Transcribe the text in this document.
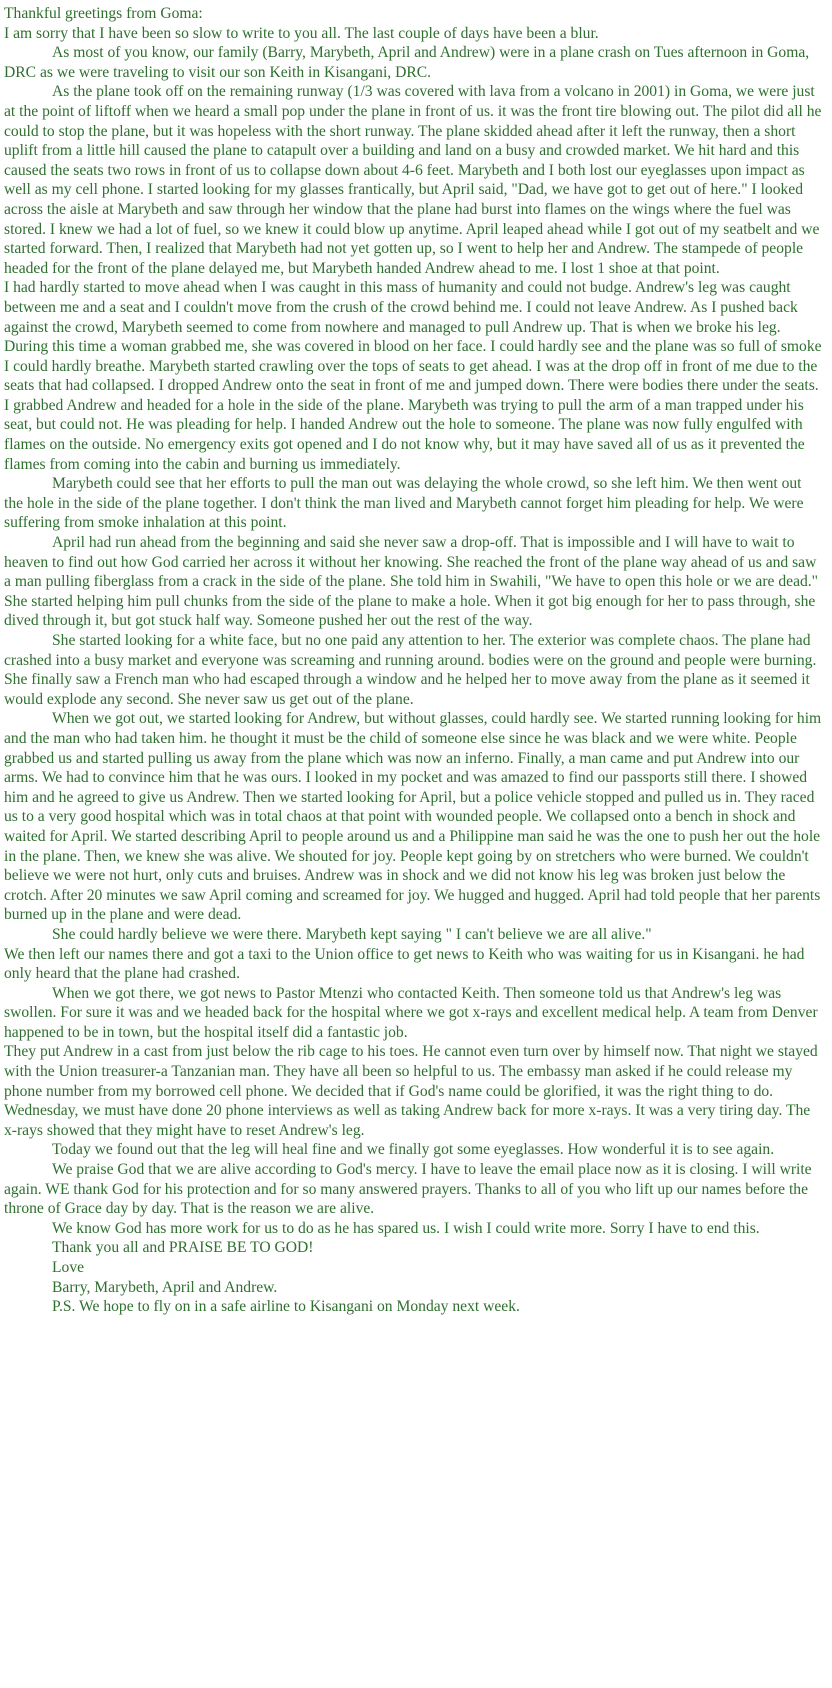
Thankful greetings from Goma:

I am sorry that I have been so slow to write to you all. The last couple of days have been a blur.

As most of you know, our family (Barry, Marybeth, April and Andrew) were in a plane crash on Tues afternoon in Goma, DRC as we were traveling to visit our son Keith in Kisangani, DRC.

As the plane took off on the remaining runway (1/3 was covered with lava from a volcano in 2001) in Goma, we were just at the point of liftoff when we heard a small pop under the plane in front of us. it was the front tire blowing out. The pilot did all he could to stop the plane, but it was hopeless with the short runway. The plane skidded ahead after it left the runway, then a short uplift from a little hill caused the plane to catapult over a building and land on a busy and crowded market. We hit hard and this caused the seats two rows in front of us to collapse down about 4-6 feet. Marybeth and I both lost our eyeglasses upon impact as well as my cell phone. I started looking for my glasses frantically, but April said, "Dad, we have got to get out of here." I looked across the aisle at Marybeth and saw through her window that the plane had burst into flames on the wings where the fuel was stored. I knew we had a lot of fuel, so we knew it could blow up anytime. April leaped ahead while I got out of my seatbelt and we started forward. Then, I realized that Marybeth had not yet gotten up, so I went to help her and Andrew. The stampede of people headed for the front of the plane delayed me, but Marybeth handed Andrew ahead to me. I lost 1 shoe at that point.

I had hardly started to move ahead when I was caught in this mass of humanity and could not budge. Andrew's leg was caught between me and a seat and I couldn't move from the crush of the crowd behind me. I could not leave Andrew. As I pushed back against the crowd, Marybeth seemed to come from nowhere and managed to pull Andrew up. That is when we broke his leg. During this time a woman grabbed me, she was covered in blood on her face. I could hardly see and the plane was so full of smoke I could hardly breathe. Marybeth started crawling over the tops of seats to get ahead. I was at the drop off in front of me due to the seats that had collapsed. I dropped Andrew onto the seat in front of me and jumped down. There were bodies there under the seats. I grabbed Andrew and headed for a hole in the side of the plane. Marybeth was trying to pull the arm of a man trapped under his seat, but could not. He was pleading for help. I handed Andrew out the hole to someone. The plane was now fully engulfed with flames on the outside. No emergency exits got opened and I do not know why, but it may have saved all of us as it prevented the flames from coming into the cabin and burning us immediately.

Marybeth could see that her efforts to pull the man out was delaying the whole crowd, so she left him. We then went out the hole in the side of the plane together. I don't think the man lived and Marybeth cannot forget him pleading for help. We were suffering from smoke inhalation at this point.

April had run ahead from the beginning and said she never saw a drop-off. That is impossible and I will have to wait to heaven to find out how God carried her across it without her knowing. She reached the front of the plane way ahead of us and saw a man pulling fiberglass from a crack in the side of the plane. She told him in Swahili, "We have to open this hole or we are dead." She started helping him pull chunks from the side of the plane to make a hole. When it got big enough for her to pass through, she dived through it, but got stuck half way. Someone pushed her out the rest of the way.

She started looking for a white face, but no one paid any attention to her. The exterior was complete chaos. The plane had crashed into a busy market and everyone was screaming and running around. bodies were on the ground and people were burning. She finally saw a French man who had escaped through a window and he helped her to move away from the plane as it seemed it would explode any second. She never saw us get out of the plane.

When we got out, we started looking for Andrew, but without glasses, could hardly see. We started running looking for him and the man who had taken him. he thought it must be the child of someone else since he was black and we were white. People grabbed us and started pulling us away from the plane which was now an inferno. Finally, a man came and put Andrew into our arms. We had to convince him that he was ours. I looked in my pocket and was amazed to find our passports still there. I showed him and he agreed to give us Andrew. Then we started looking for April, but a police vehicle stopped and pulled us in. They raced us to a very good hospital which was in total chaos at that point with wounded people. We collapsed onto a bench in shock and waited for April. We started describing April to people around us and a Philippine man said he was the one to push her out the hole in the plane. Then, we knew she was alive. We shouted for joy. People kept going by on stretchers who were burned. We couldn't believe we were not hurt, only cuts and bruises. Andrew was in shock and we did not know his leg was broken just below the crotch. After 20 minutes we saw April coming and screamed for joy. We hugged and hugged. April had told people that her parents burned up in the plane and were dead.

She could hardly believe we were there. Marybeth kept saying " I can't believe we are all alive."

We then left our names there and got a taxi to the Union office to get news to Keith who was waiting for us in Kisangani. he had only heard that the plane had crashed.

When we got there, we got news to Pastor Mtenzi who contacted Keith. Then someone told us that Andrew's leg was swollen. For sure it was and we headed back for the hospital where we got x-rays and excellent medical help. A team from Denver happened to be in town, but the hospital itself did a fantastic job.

They put Andrew in a cast from just below the rib cage to his toes. He cannot even turn over by himself now. That night we stayed with the Union treasurer-a Tanzanian man. They have all been so helpful to us. The embassy man asked if he could release my phone number from my borrowed cell phone. We decided that if God's name could be glorified, it was the right thing to do. Wednesday, we must have done 20 phone interviews as well as taking Andrew back for more x-rays. It was a very tiring day. The x-rays showed that they might have to reset Andrew's leg.

Today we found out that the leg will heal fine and we finally got some eyeglasses. How wonderful it is to see again.

We praise God that we are alive according to God's mercy. I have to leave the email place now as it is closing. I will write again. WE thank God for his protection and for so many answered prayers. Thanks to all of you who lift up our names before the throne of Grace day by day. That is the reason we are alive.

We know God has more work for us to do as he has spared us. I wish I could write more. Sorry I have to end this.

Thank you all and PRAISE BE TO GOD!

Love

Barry, Marybeth, April and Andrew.

P.S. We hope to fly on in a safe airline to Kisangani on Monday next week.
